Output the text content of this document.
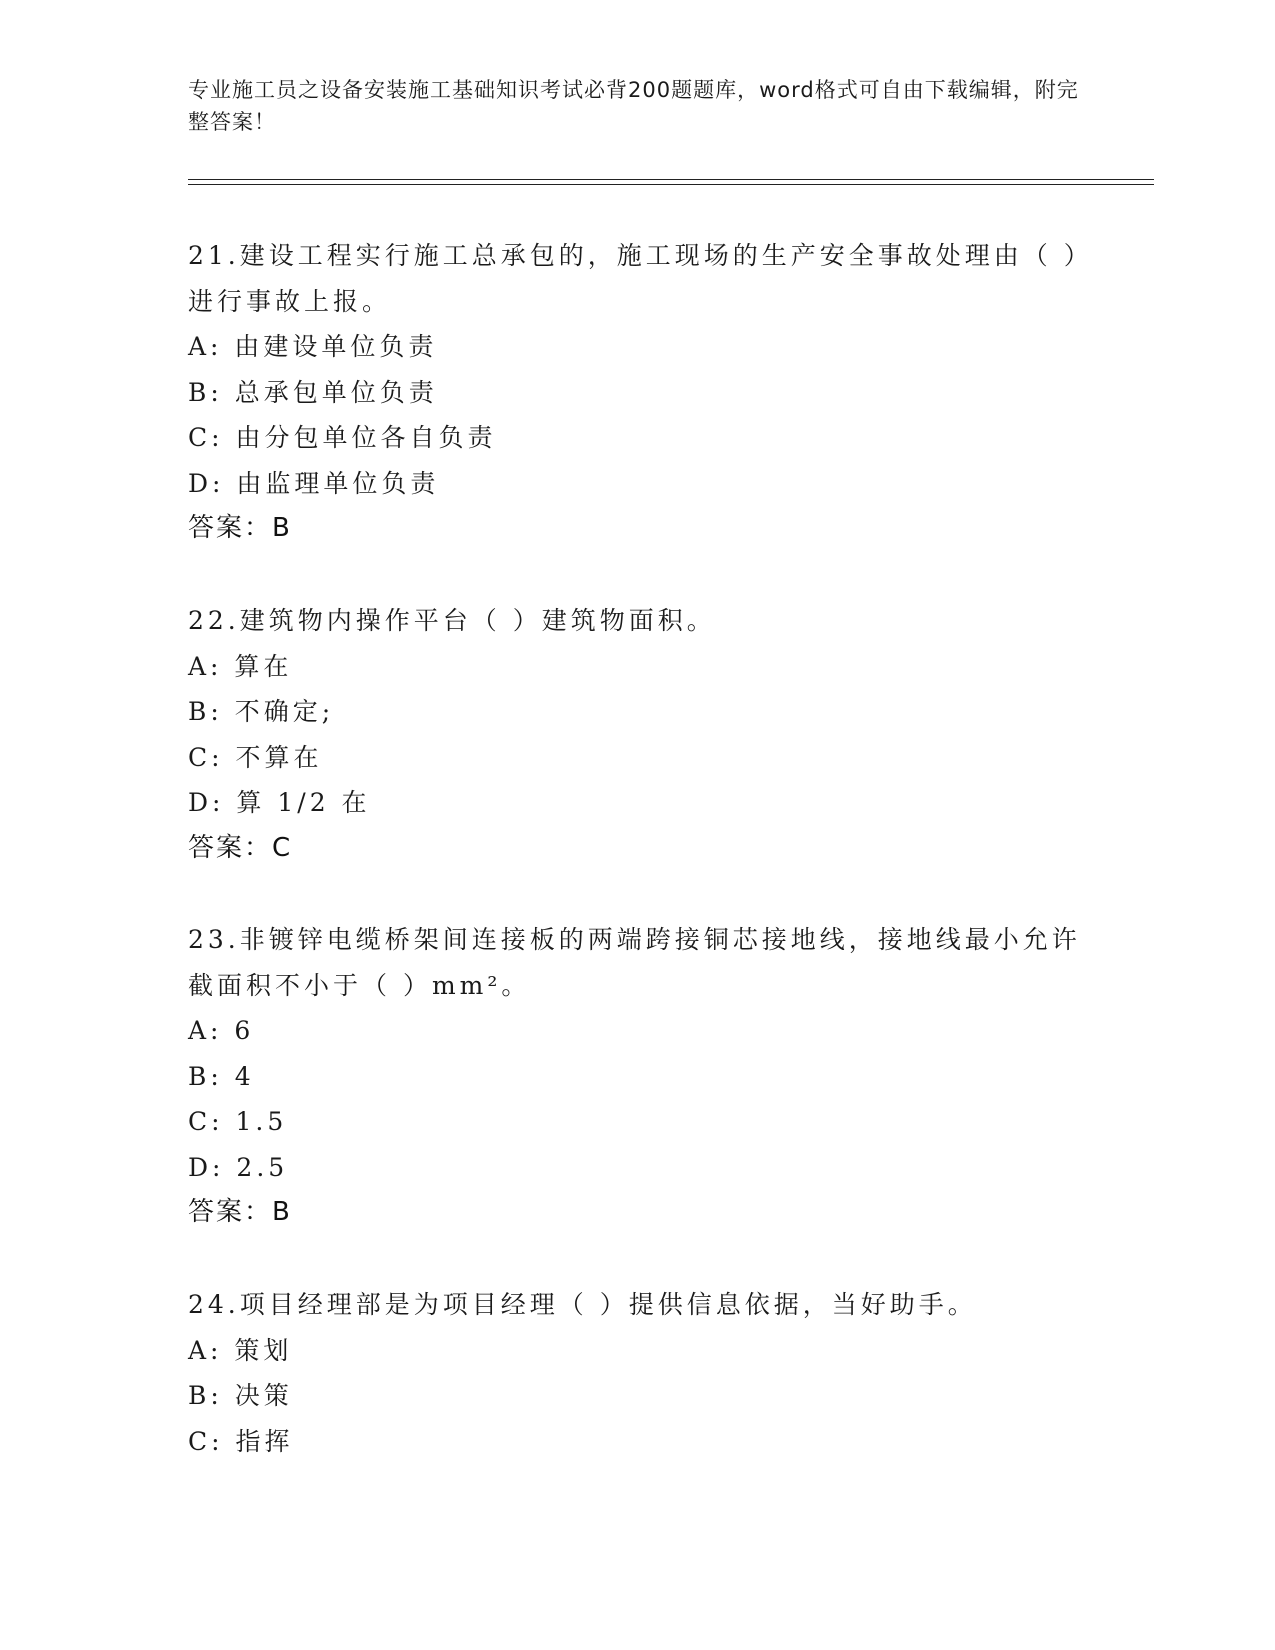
专业施工员之设备安装施工基础知识考试必背200题题库，word格式可自由下载编辑，附完整答案！

21.建设工程实行施工总承包的，施工现场的生产安全事故处理由（ ）进行事故上报。

A: 由建设单位负责

B: 总承包单位负责

C: 由分包单位各自负责

D: 由监理单位负责

答案：B

22.建筑物内操作平台（ ）建筑物面积。

A: 算在

B: 不确定;

C: 不算在

D: 算 1/2 在

答案：C

23.非镀锌电缆桥架间连接板的两端跨接铜芯接地线，接地线最小允许截面积不小于（ ）mm²。

A: 6

B: 4

C: 1.5

D: 2.5

答案：B

24.项目经理部是为项目经理（ ）提供信息依据，当好助手。

A: 策划

B: 决策

C: 指挥
